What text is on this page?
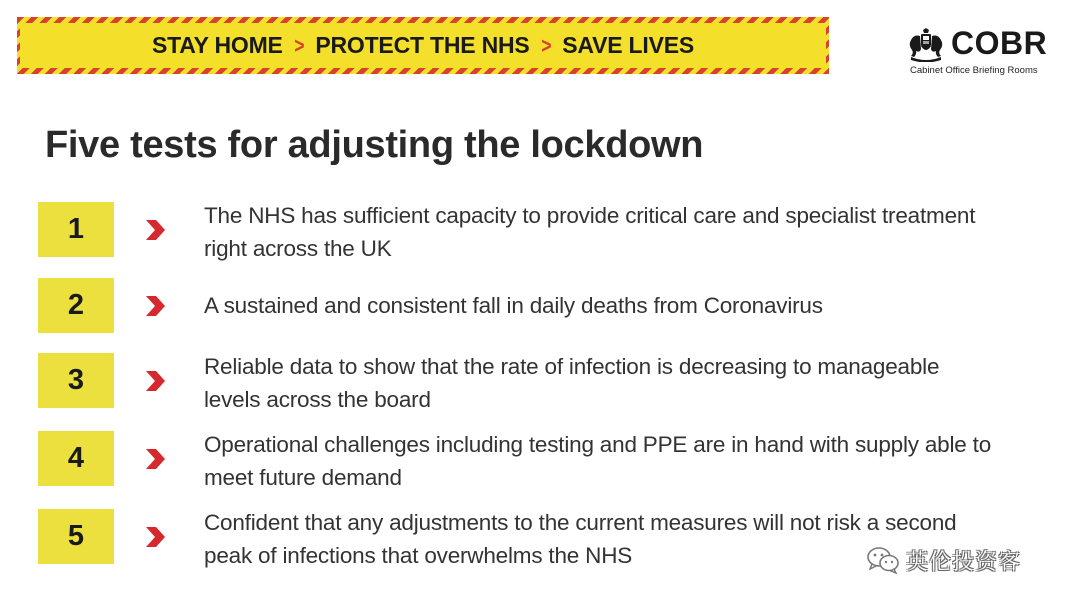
STAY HOME > PROTECT THE NHS > SAVE LIVES	COBR
Cabinet Office Briefing Rooms
Five tests for adjusting the lockdown
1	The NHS has sufficient capacity to provide critical care and specialist treatment right across the UK
2	A sustained and consistent fall in daily deaths from Coronavirus
3	Reliable data to show that the rate of infection is decreasing to manageable levels across the board
4	Operational challenges including testing and PPE are in hand with supply able to meet future demand
5	Confident that any adjustments to the current measures will not risk a second peak of infections that overwhelms the NHS	英伦投资客
